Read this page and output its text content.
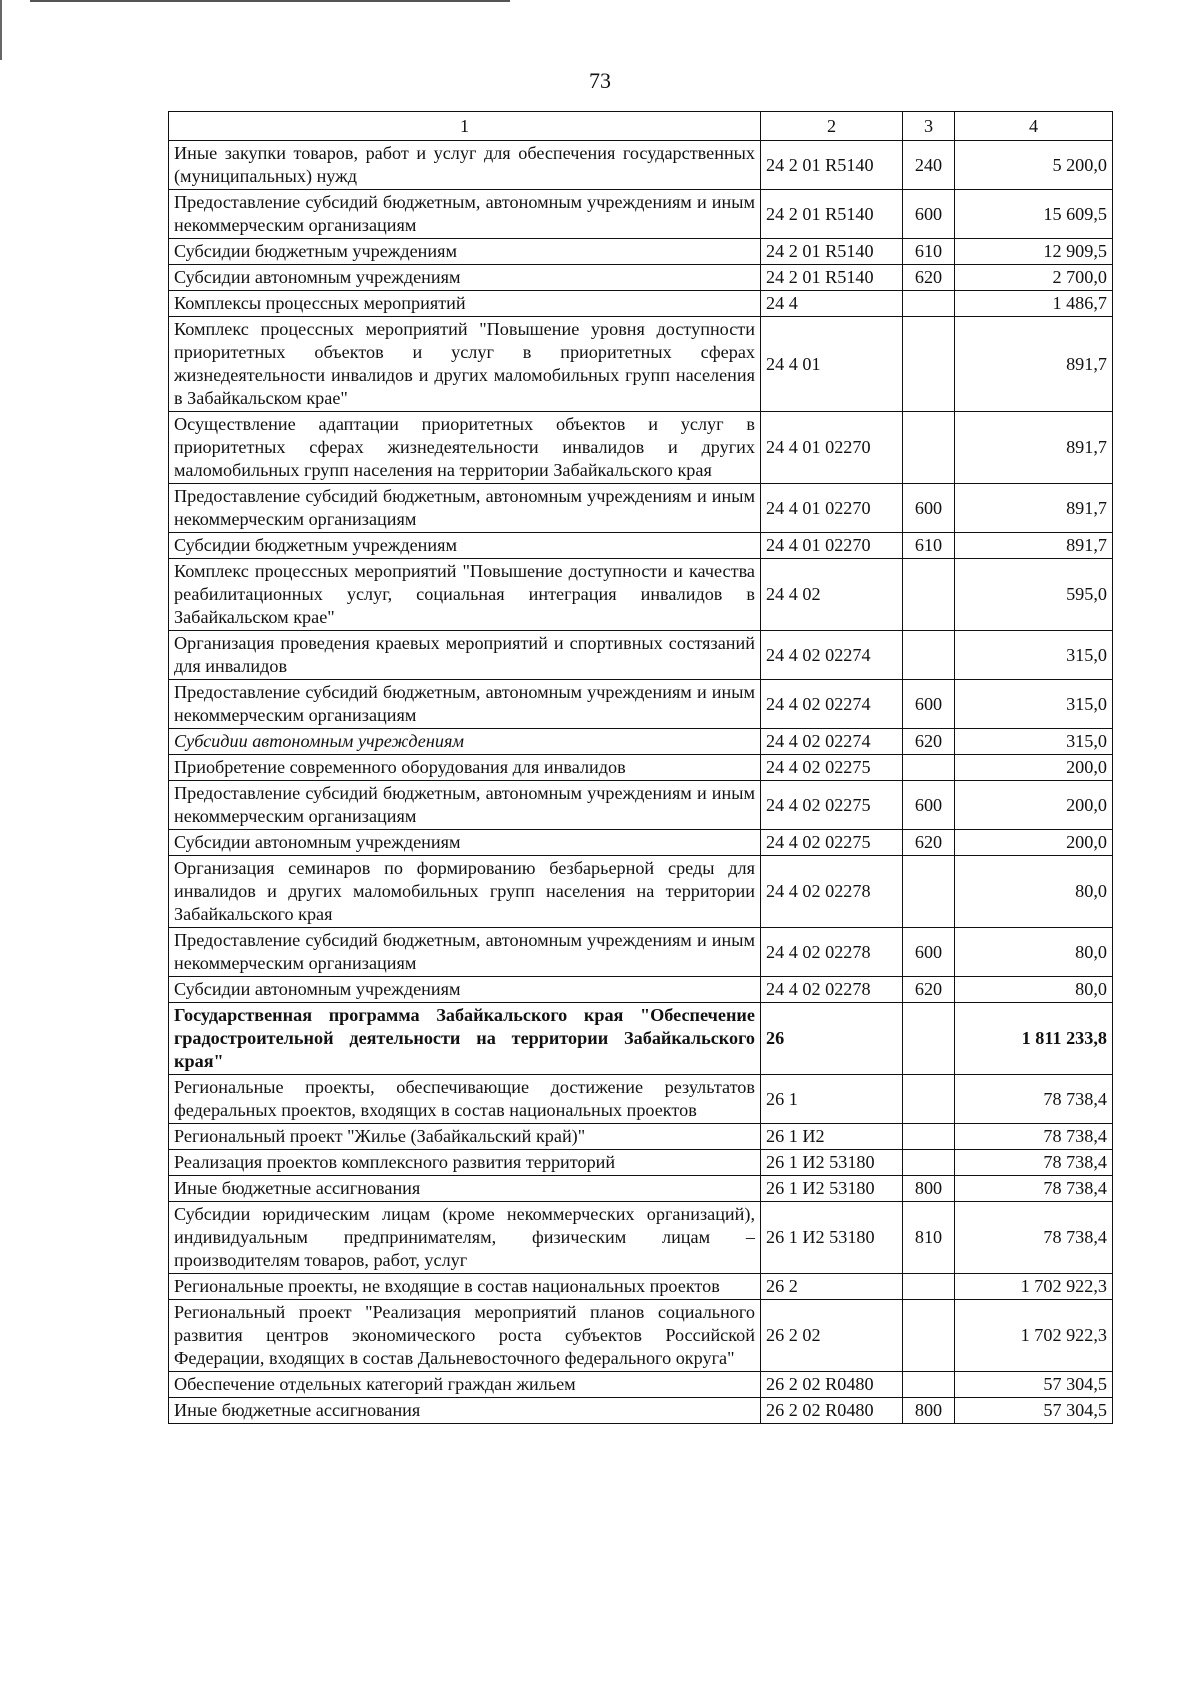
73
1	2	3	4
Иные закупки товаров, работ и услуг для обеспечения государственных (муниципальных) нужд	24 2 01 R5140	240	5 200,0
Предоставление субсидий бюджетным, автономным учреждениям и иным некоммерческим организациям	24 2 01 R5140	600	15 609,5
Субсидии бюджетным учреждениям	24 2 01 R5140	610	12 909,5
Субсидии автономным учреждениям	24 2 01 R5140	620	2 700,0
Комплексы процессных мероприятий	24 4		1 486,7
Комплекс процессных мероприятий "Повышение уровня доступности приоритетных объектов и услуг в приоритетных сферах жизнедеятельности инвалидов и других маломобильных групп населения в Забайкальском крае"	24 4 01		891,7
Осуществление адаптации приоритетных объектов и услуг в приоритетных сферах жизнедеятельности инвалидов и других маломобильных групп населения на территории Забайкальского края	24 4 01 02270		891,7
Предоставление субсидий бюджетным, автономным учреждениям и иным некоммерческим организациям	24 4 01 02270	600	891,7
Субсидии бюджетным учреждениям	24 4 01 02270	610	891,7
Комплекс процессных мероприятий "Повышение доступности и качества реабилитационных услуг, социальная интеграция инвалидов в Забайкальском крае"	24 4 02		595,0
Организация проведения краевых мероприятий и спортивных состязаний для инвалидов	24 4 02 02274		315,0
Предоставление субсидий бюджетным, автономным учреждениям и иным некоммерческим организациям	24 4 02 02274	600	315,0
Субсидии автономным учреждениям	24 4 02 02274	620	315,0
Приобретение современного оборудования для инвалидов	24 4 02 02275		200,0
Предоставление субсидий бюджетным, автономным учреждениям и иным некоммерческим организациям	24 4 02 02275	600	200,0
Субсидии автономным учреждениям	24 4 02 02275	620	200,0
Организация семинаров по формированию безбарьерной среды для инвалидов и других маломобильных групп населения на территории Забайкальского края	24 4 02 02278		80,0
Предоставление субсидий бюджетным, автономным учреждениям и иным некоммерческим организациям	24 4 02 02278	600	80,0
Субсидии автономным учреждениям	24 4 02 02278	620	80,0
Государственная программа Забайкальского края "Обеспечение градостроительной деятельности на территории Забайкальского края"	26		1 811 233,8
Региональные проекты, обеспечивающие достижение результатов федеральных проектов, входящих в состав национальных проектов	26 1		78 738,4
Региональный проект "Жилье (Забайкальский край)"	26 1 И2		78 738,4
Реализация проектов комплексного развития территорий	26 1 И2 53180		78 738,4
Иные бюджетные ассигнования	26 1 И2 53180	800	78 738,4
Субсидии юридическим лицам (кроме некоммерческих организаций), индивидуальным предпринимателям, физическим лицам – производителям товаров, работ, услуг	26 1 И2 53180	810	78 738,4
Региональные проекты, не входящие в состав национальных проектов	26 2		1 702 922,3
Региональный проект "Реализация мероприятий планов социального развития центров экономического роста субъектов Российской Федерации, входящих в состав Дальневосточного федерального округа"	26 2 02		1 702 922,3
Обеспечение отдельных категорий граждан жильем	26 2 02 R0480		57 304,5
Иные бюджетные ассигнования	26 2 02 R0480	800	57 304,5
